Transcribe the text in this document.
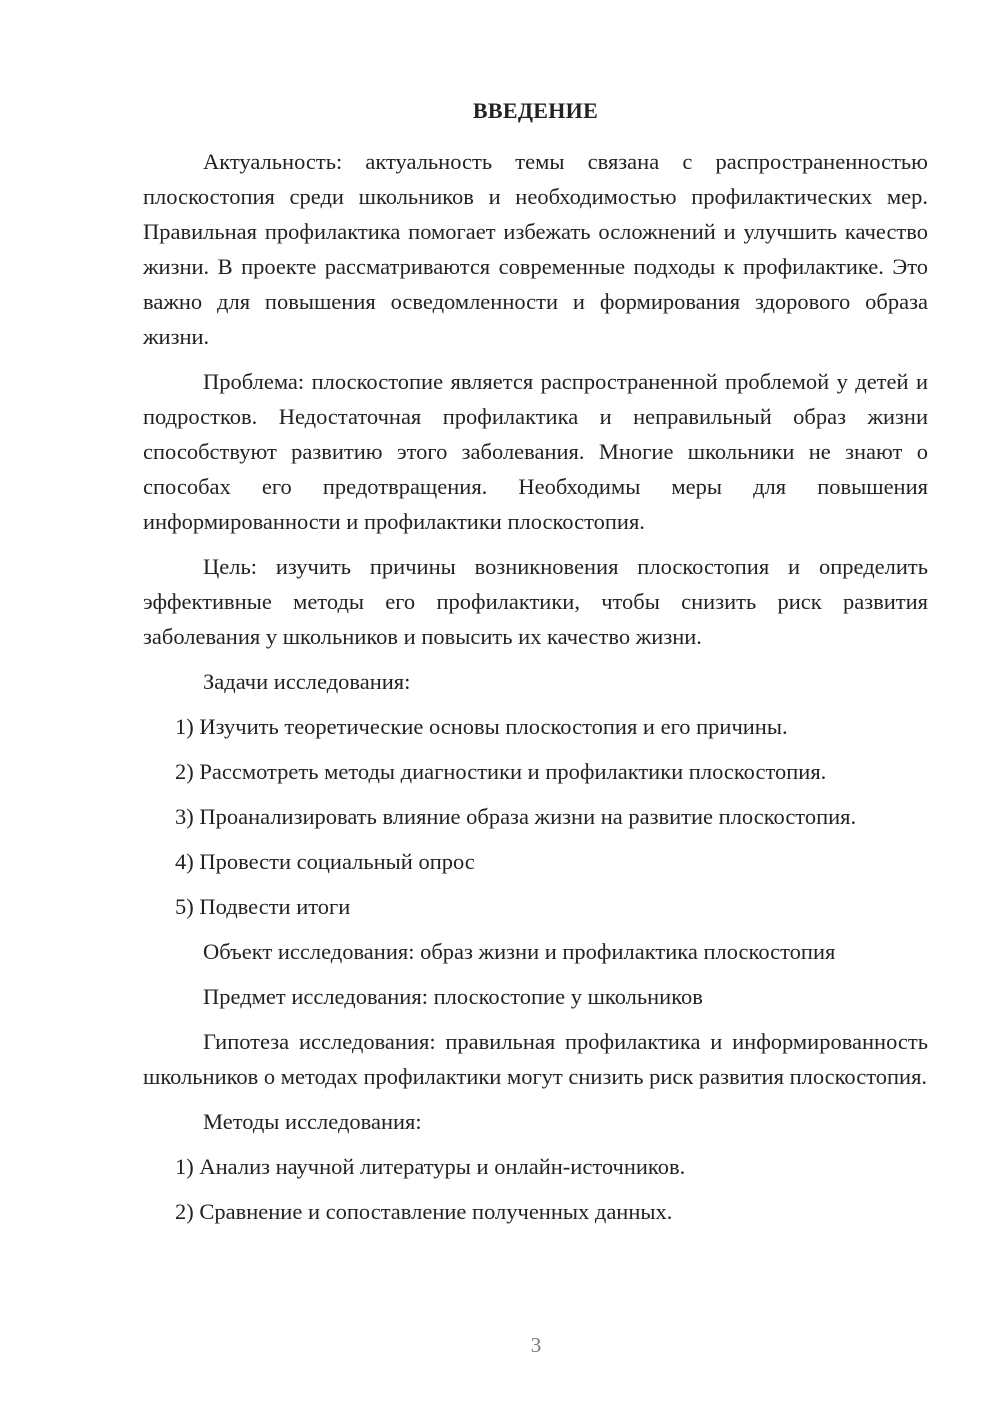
ВВЕДЕНИЕ

Актуальность: актуальность темы связана с распространенностью плоскостопия среди школьников и необходимостью профилактических мер. Правильная профилактика помогает избежать осложнений и улучшить качество жизни. В проекте рассматриваются современные подходы к профилактике. Это важно для повышения осведомленности и формирования здорового образа жизни.

Проблема: плоскостопие является распространенной проблемой у детей и подростков. Недостаточная профилактика и неправильный образ жизни способствуют развитию этого заболевания. Многие школьники не знают о способах его предотвращения. Необходимы меры для повышения информированности и профилактики плоскостопия.

Цель: изучить причины возникновения плоскостопия и определить эффективные методы его профилактики, чтобы снизить риск развития заболевания у школьников и повысить их качество жизни.

Задачи исследования:

1) Изучить теоретические основы плоскостопия и его причины.

2) Рассмотреть методы диагностики и профилактики плоскостопия.

3) Проанализировать влияние образа жизни на развитие плоскостопия.

4) Провести социальный опрос

5) Подвести итоги

Объект исследования: образ жизни и профилактика плоскостопия

Предмет исследования: плоскостопие у школьников

Гипотеза исследования: правильная профилактика и информированность школьников о методах профилактики могут снизить риск развития плоскостопия.

Методы исследования:

1) Анализ научной литературы и онлайн-источников.

2) Сравнение и сопоставление полученных данных.

3
